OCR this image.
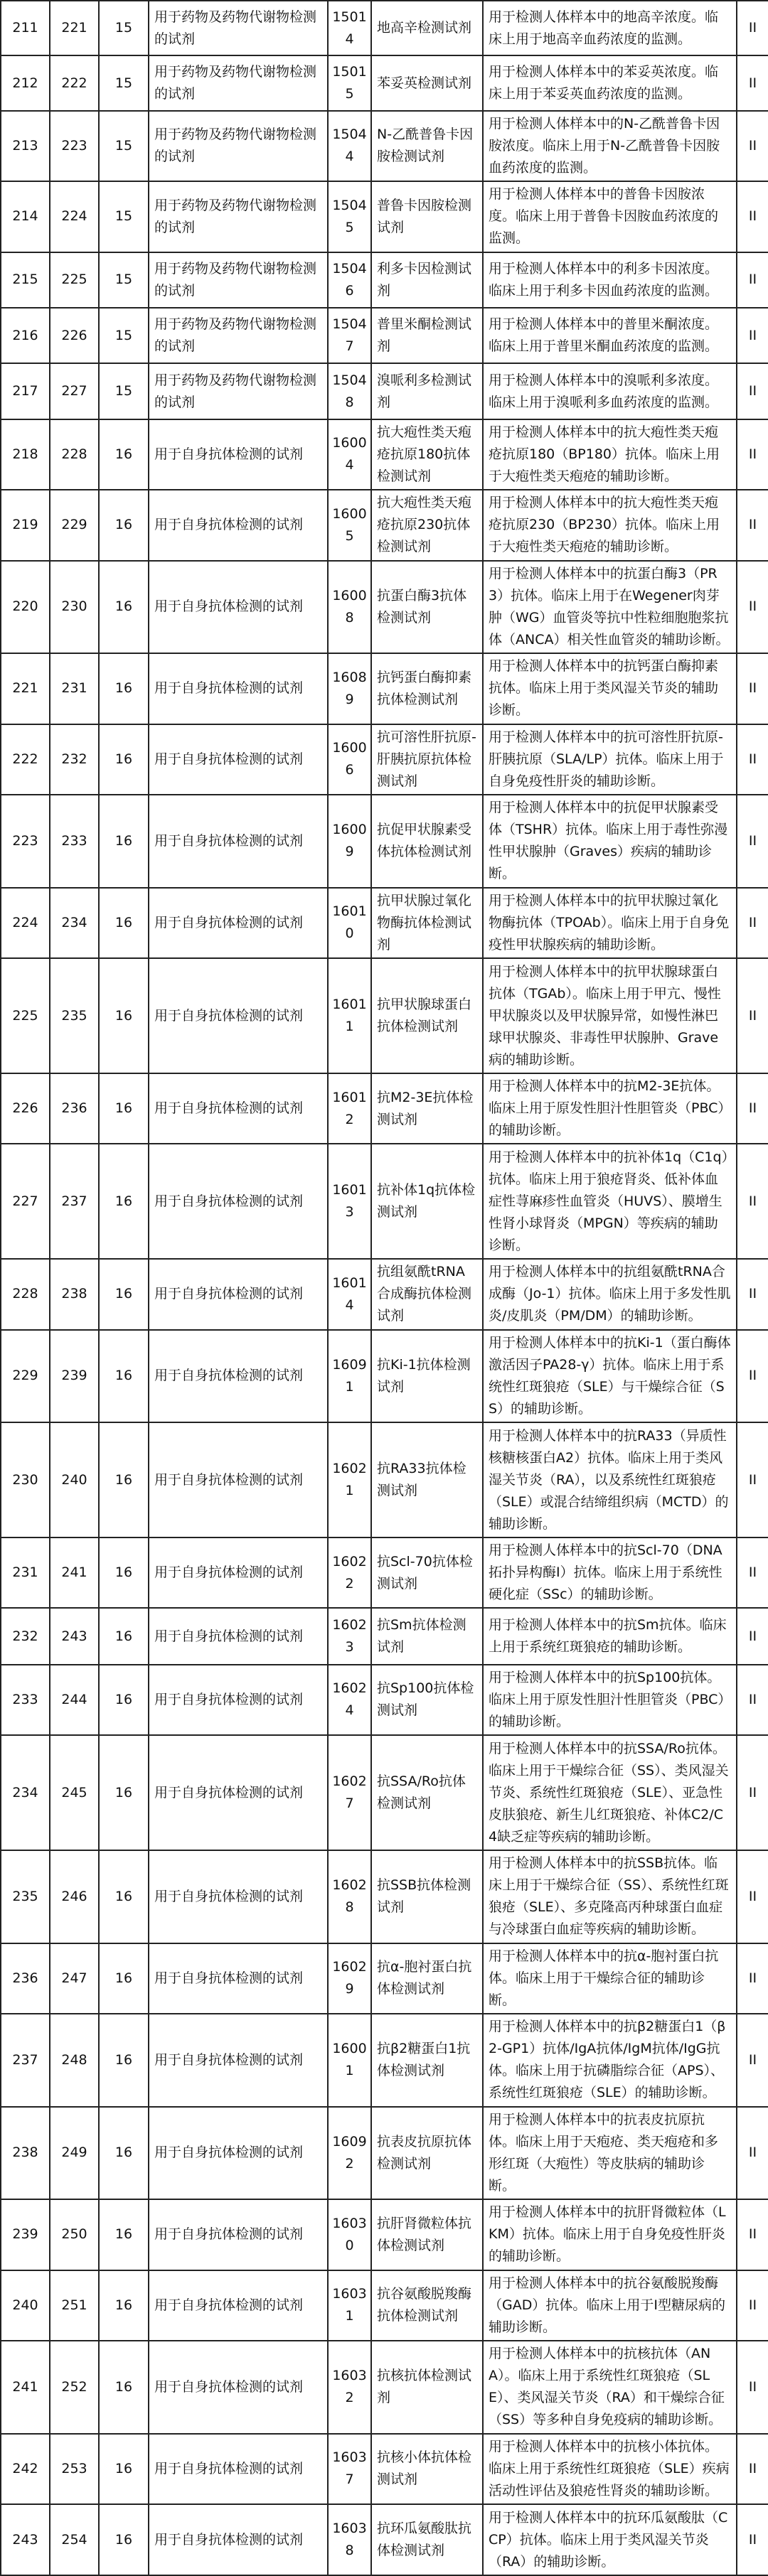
211	221	15	用于药物及药物代谢物检测的试剂	15014	地高辛检测试剂	用于检测人体样本中的地高辛浓度。临床上用于地高辛血药浓度的监测。	II
212	222	15	用于药物及药物代谢物检测的试剂	15015	苯妥英检测试剂	用于检测人体样本中的苯妥英浓度。临床上用于苯妥英血药浓度的监测。	II
213	223	15	用于药物及药物代谢物检测的试剂	15044	N-乙酰普鲁卡因胺检测试剂	用于检测人体样本中的N-乙酰普鲁卡因胺浓度。临床上用于N-乙酰普鲁卡因胺血药浓度的监测。	II
214	224	15	用于药物及药物代谢物检测的试剂	15045	普鲁卡因胺检测试剂	用于检测人体样本中的普鲁卡因胺浓度。临床上用于普鲁卡因胺血药浓度的监测。	II
215	225	15	用于药物及药物代谢物检测的试剂	15046	利多卡因检测试剂	用于检测人体样本中的利多卡因浓度。临床上用于利多卡因血药浓度的监测。	II
216	226	15	用于药物及药物代谢物检测的试剂	15047	普里米酮检测试剂	用于检测人体样本中的普里米酮浓度。临床上用于普里米酮血药浓度的监测。	II
217	227	15	用于药物及药物代谢物检测的试剂	15048	溴哌利多检测试剂	用于检测人体样本中的溴哌利多浓度。临床上用于溴哌利多血药浓度的监测。	II
218	228	16	用于自身抗体检测的试剂	16004	抗大疱性类天疱疮抗原180抗体检测试剂	用于检测人体样本中的抗大疱性类天疱疮抗原180（BP180）抗体。临床上用于大疱性类天疱疮的辅助诊断。	II
219	229	16	用于自身抗体检测的试剂	16005	抗大疱性类天疱疮抗原230抗体检测试剂	用于检测人体样本中的抗大疱性类天疱疮抗原230（BP230）抗体。临床上用于大疱性类天疱疮的辅助诊断。	II
220	230	16	用于自身抗体检测的试剂	16008	抗蛋白酶3抗体检测试剂	用于检测人体样本中的抗蛋白酶3（PR3）抗体。临床上用于在Wegener肉芽肿（WG）血管炎等抗中性粒细胞胞浆抗体（ANCA）相关性血管炎的辅助诊断。	II
221	231	16	用于自身抗体检测的试剂	16089	抗钙蛋白酶抑素抗体检测试剂	用于检测人体样本中的抗钙蛋白酶抑素抗体。临床上用于类风湿关节炎的辅助诊断。	II
222	232	16	用于自身抗体检测的试剂	16006	抗可溶性肝抗原-肝胰抗原抗体检测试剂	用于检测人体样本中的抗可溶性肝抗原-肝胰抗原（SLA/LP）抗体。临床上用于自身免疫性肝炎的辅助诊断。	II
223	233	16	用于自身抗体检测的试剂	16009	抗促甲状腺素受体抗体检测试剂	用于检测人体样本中的抗促甲状腺素受体（TSHR）抗体。临床上用于毒性弥漫性甲状腺肿（Graves）疾病的辅助诊断。	II
224	234	16	用于自身抗体检测的试剂	16010	抗甲状腺过氧化物酶抗体检测试剂	用于检测人体样本中的抗甲状腺过氧化物酶抗体（TPOAb）。临床上用于自身免疫性甲状腺疾病的辅助诊断。	II
225	235	16	用于自身抗体检测的试剂	16011	抗甲状腺球蛋白抗体检测试剂	用于检测人体样本中的抗甲状腺球蛋白抗体（TGAb）。临床上用于甲亢、慢性甲状腺炎以及甲状腺异常，如慢性淋巴球甲状腺炎、非毒性甲状腺肿、Grave病的辅助诊断。	II
226	236	16	用于自身抗体检测的试剂	16012	抗M2-3E抗体检测试剂	用于检测人体样本中的抗M2-3E抗体。临床上用于原发性胆汁性胆管炎（PBC）的辅助诊断。	II
227	237	16	用于自身抗体检测的试剂	16013	抗补体1q抗体检测试剂	用于检测人体样本中的抗补体1q（C1q）抗体。临床上用于狼疮肾炎、低补体血症性荨麻疹性血管炎（HUVS）、膜增生性肾小球肾炎（MPGN）等疾病的辅助诊断。	II
228	238	16	用于自身抗体检测的试剂	16014	抗组氨酰tRNA合成酶抗体检测试剂	用于检测人体样本中的抗组氨酰tRNA合成酶（Jo-1）抗体。临床上用于多发性肌炎/皮肌炎（PM/DM）的辅助诊断。	II
229	239	16	用于自身抗体检测的试剂	16091	抗Ki-1抗体检测试剂	用于检测人体样本中的抗Ki-1（蛋白酶体激活因子PA28-γ）抗体。临床上用于系统性红斑狼疮（SLE）与干燥综合征（SS）的辅助诊断。	II
230	240	16	用于自身抗体检测的试剂	16021	抗RA33抗体检测试剂	用于检测人体样本中的抗RA33（异质性核糖核蛋白A2）抗体。临床上用于类风湿关节炎（RA），以及系统性红斑狼疮（SLE）或混合结缔组织病（MCTD）的辅助诊断。	II
231	241	16	用于自身抗体检测的试剂	16022	抗Scl-70抗体检测试剂	用于检测人体样本中的抗Scl-70（DNA拓扑异构酶Ⅰ）抗体。临床上用于系统性硬化症（SSc）的辅助诊断。	II
232	243	16	用于自身抗体检测的试剂	16023	抗Sm抗体检测试剂	用于检测人体样本中的抗Sm抗体。临床上用于系统红斑狼疮的辅助诊断。	II
233	244	16	用于自身抗体检测的试剂	16024	抗Sp100抗体检测试剂	用于检测人体样本中的抗Sp100抗体。临床上用于原发性胆汁性胆管炎（PBC）的辅助诊断。	II
234	245	16	用于自身抗体检测的试剂	16027	抗SSA/Ro抗体检测试剂	用于检测人体样本中的抗SSA/Ro抗体。临床上用于干燥综合征（SS）、类风湿关节炎、系统性红斑狼疮（SLE）、亚急性皮肤狼疮、新生儿红斑狼疮、补体C2/C4缺乏症等疾病的辅助诊断。	II
235	246	16	用于自身抗体检测的试剂	16028	抗SSB抗体检测试剂	用于检测人体样本中的抗SSB抗体。临床上用于干燥综合征（SS）、系统性红斑狼疮（SLE）、多克隆高丙种球蛋白血症与冷球蛋白血症等疾病的辅助诊断。	II
236	247	16	用于自身抗体检测的试剂	16029	抗α-胞衬蛋白抗体检测试剂	用于检测人体样本中的抗α-胞衬蛋白抗体。临床上用于干燥综合征的辅助诊断。	II
237	248	16	用于自身抗体检测的试剂	16001	抗β2糖蛋白1抗体检测试剂	用于检测人体样本中的抗β2糖蛋白1（β2-GP1）抗体/IgA抗体/IgM抗体/IgG抗体。临床上用于抗磷脂综合征（APS）、系统性红斑狼疮（SLE）的辅助诊断。	II
238	249	16	用于自身抗体检测的试剂	16092	抗表皮抗原抗体检测试剂	用于检测人体样本中的抗表皮抗原抗体。临床上用于天疱疮、类天疱疮和多形红斑（大疱性）等皮肤病的辅助诊断。	II
239	250	16	用于自身抗体检测的试剂	16030	抗肝肾微粒体抗体检测试剂	用于检测人体样本中的抗肝肾微粒体（LKM）抗体。临床上用于自身免疫性肝炎的辅助诊断。	II
240	251	16	用于自身抗体检测的试剂	16031	抗谷氨酸脱羧酶抗体检测试剂	用于检测人体样本中的抗谷氨酸脱羧酶（GAD）抗体。临床上用于Ⅰ型糖尿病的辅助诊断。	II
241	252	16	用于自身抗体检测的试剂	16032	抗核抗体检测试剂	用于检测人体样本中的抗核抗体（ANA）。临床上用于系统性红斑狼疮（SLE）、类风湿关节炎（RA）和干燥综合征（SS）等多种自身免疫病的辅助诊断。	II
242	253	16	用于自身抗体检测的试剂	16037	抗核小体抗体检测试剂	用于检测人体样本中的抗核小体抗体。临床上用于系统性红斑狼疮（SLE）疾病活动性评估及狼疮性肾炎的辅助诊断。	II
243	254	16	用于自身抗体检测的试剂	16038	抗环瓜氨酸肽抗体检测试剂	用于检测人体样本中的抗环瓜氨酸肽（CCP）抗体。临床上用于类风湿关节炎（RA）的辅助诊断。	II
